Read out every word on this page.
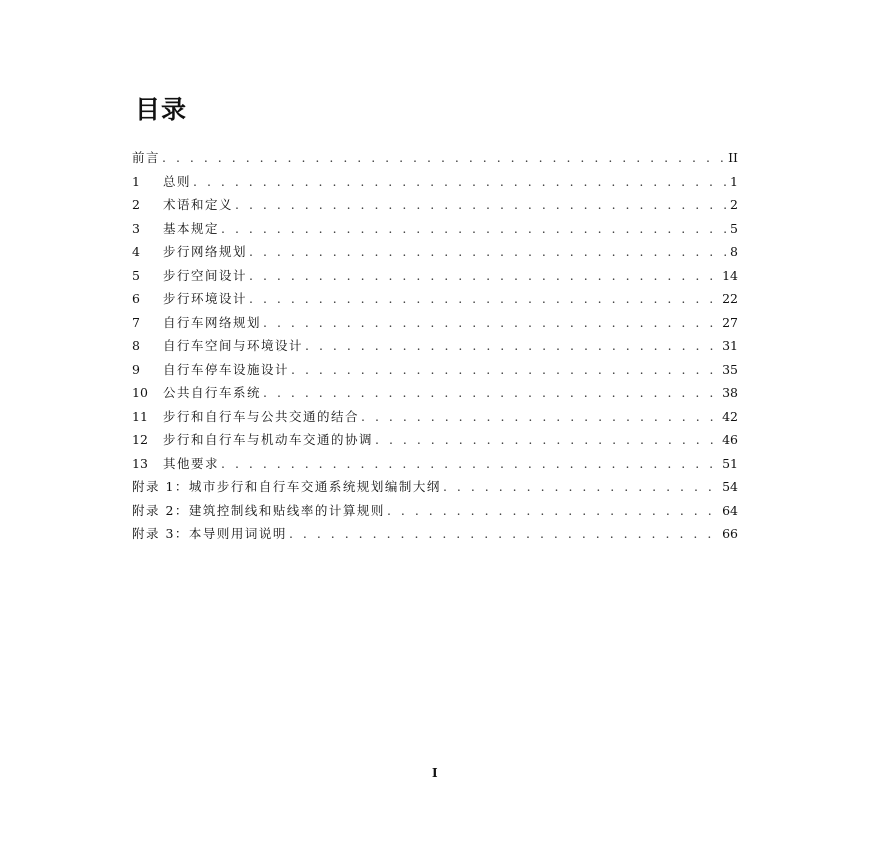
目录
前言 . . .	II
1	总则 . . .	1
2	术语和定义 . . .	2
3	基本规定 . . .	5
4	步行网络规划 . . .	8
5	步行空间设计 . . .	14
6	步行环境设计 . . .	22
7	自行车网络规划 . . .	27
8	自行车空间与环境设计 . . .	31
9	自行车停车设施设计 . . .	35
10	公共自行车系统 . . .	38
11	步行和自行车与公共交通的结合 . . .	42
12	步行和自行车与机动车交通的协调 . . .	46
13	其他要求 . . .	51
附录 1：城市步行和自行车交通系统规划编制大纲 . . .	54
附录 2：建筑控制线和贴线率的计算规则 . . .	64
附录 3：本导则用词说明 . . .	66
I
